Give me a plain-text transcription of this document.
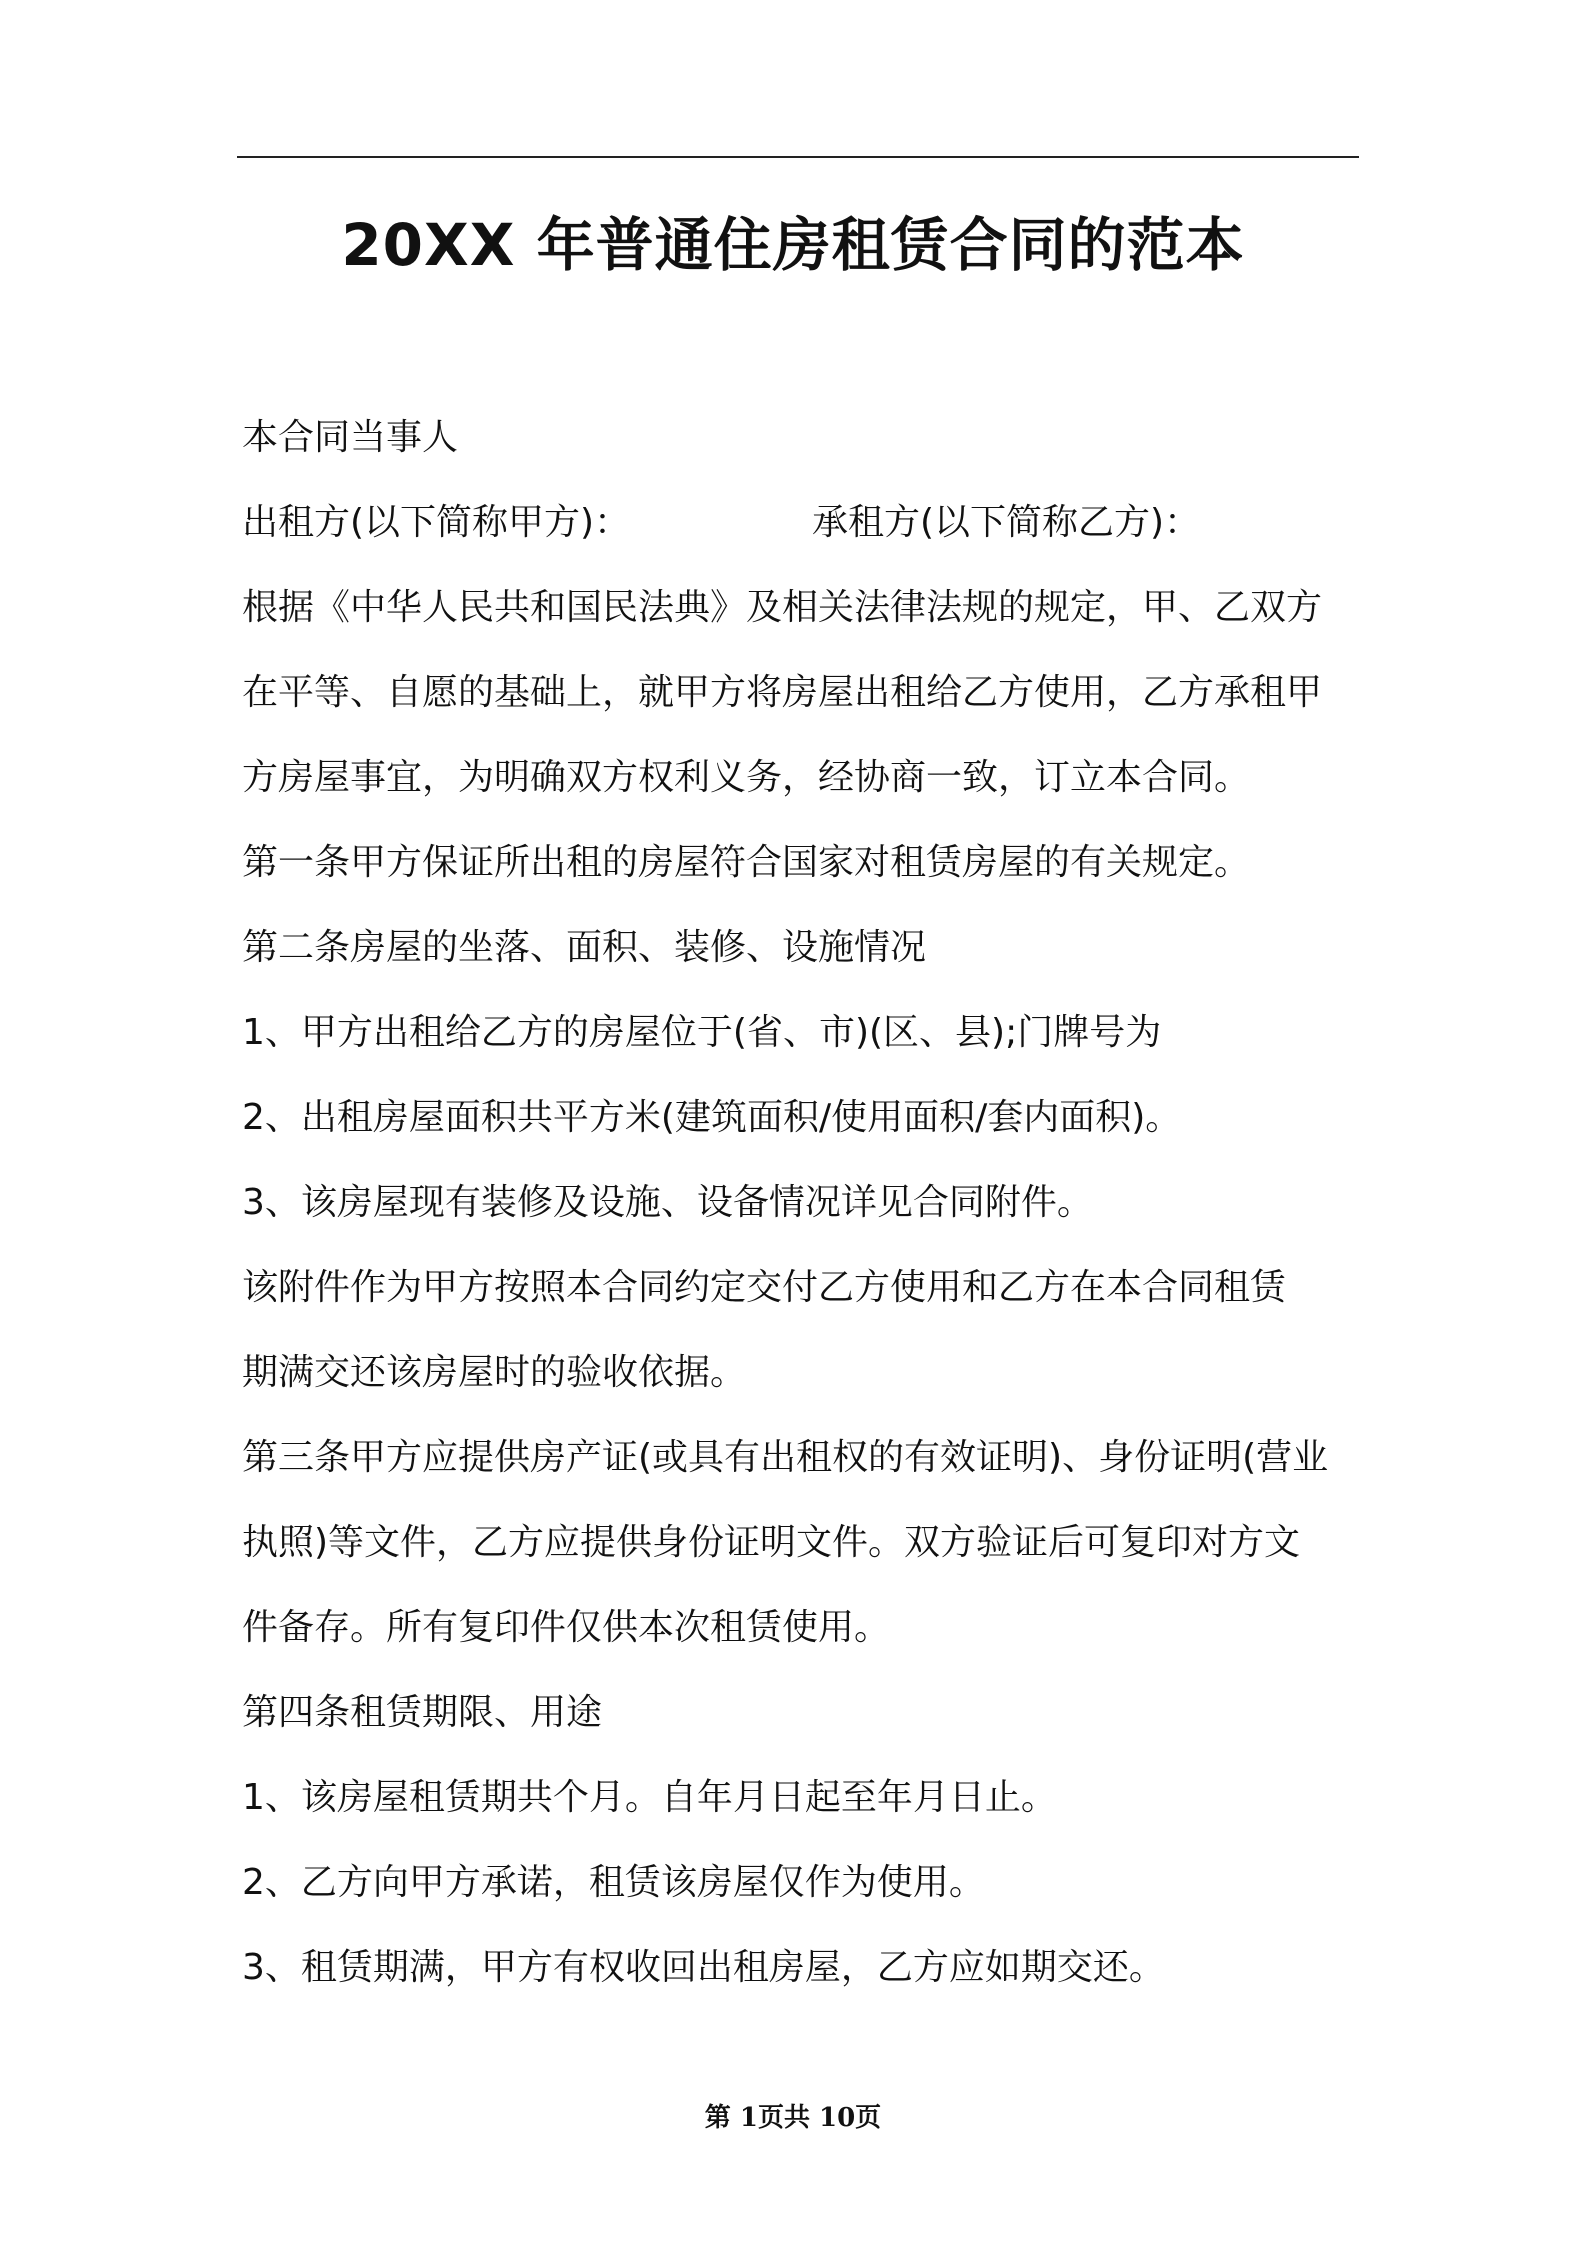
20XX 年普通住房租赁合同的范本

本合同当事人

出租方(以下简称甲方)：	承租方(以下简称乙方)：

根据《中华人民共和国民法典》及相关法律法规的规定，甲、乙双方

在平等、自愿的基础上，就甲方将房屋出租给乙方使用，乙方承租甲

方房屋事宜，为明确双方权利义务，经协商一致，订立本合同。

第一条甲方保证所出租的房屋符合国家对租赁房屋的有关规定。

第二条房屋的坐落、面积、装修、设施情况

1、甲方出租给乙方的房屋位于(省、市)(区、县);门牌号为

2、出租房屋面积共平方米(建筑面积/使用面积/套内面积)。

3、该房屋现有装修及设施、设备情况详见合同附件。

该附件作为甲方按照本合同约定交付乙方使用和乙方在本合同租赁

期满交还该房屋时的验收依据。

第三条甲方应提供房产证(或具有出租权的有效证明)、身份证明(营业

执照)等文件，乙方应提供身份证明文件。双方验证后可复印对方文

件备存。所有复印件仅供本次租赁使用。

第四条租赁期限、用途

1、该房屋租赁期共个月。自年月日起至年月日止。

2、乙方向甲方承诺，租赁该房屋仅作为使用。

3、租赁期满，甲方有权收回出租房屋，乙方应如期交还。

第 1页共 10页
